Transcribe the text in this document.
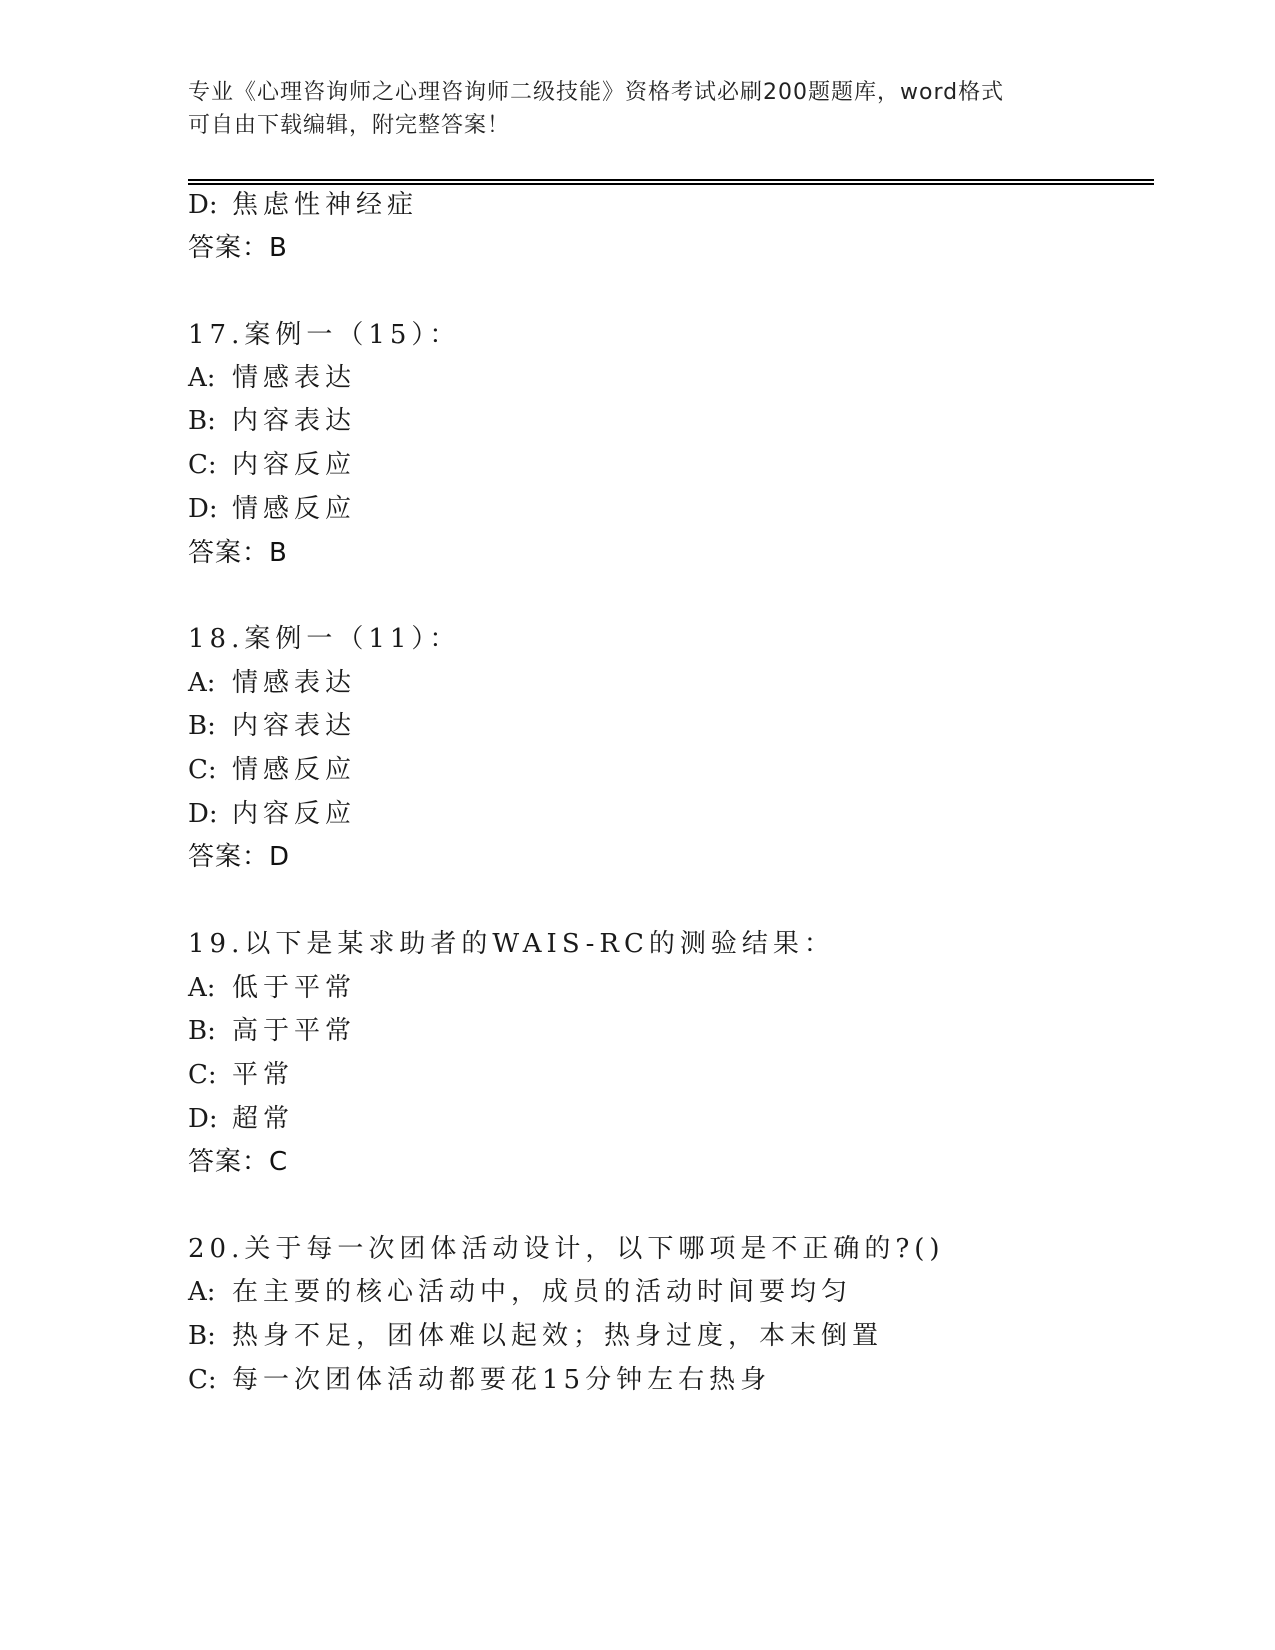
专业《心理咨询师之心理咨询师二级技能》资格考试必刷200题题库，word格式
可自由下载编辑，附完整答案！
D: 焦虑性神经症
答案：B
17.案例一（15）：
A: 情感表达
B: 内容表达
C: 内容反应
D: 情感反应
答案：B
18.案例一（11）：
A: 情感表达
B: 内容表达
C: 情感反应
D: 内容反应
答案：D
19.以下是某求助者的WAIS-RC的测验结果：
A: 低于平常
B: 高于平常
C: 平常
D: 超常
答案：C
20.关于每一次团体活动设计，以下哪项是不正确的?()
A: 在主要的核心活动中，成员的活动时间要均匀
B: 热身不足，团体难以起效；热身过度，本末倒置
C: 每一次团体活动都要花15分钟左右热身
